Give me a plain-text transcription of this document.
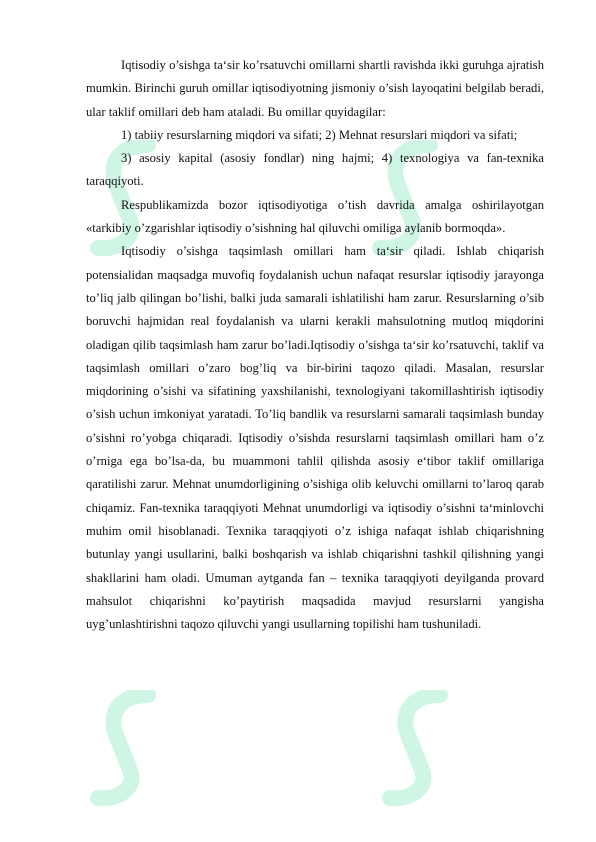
Iqtisodiy o’sishga ta‘sir ko’rsatuvchi omillarni shartli ravishda ikki guruhga ajratish mumkin. Birinchi guruh omillar iqtisodiyotning jismoniy o’sish layoqatini belgilab beradi, ular taklif omillari deb ham ataladi. Bu omillar quyidagilar:

1) tabiiy resurslarning miqdori va sifati; 2) Mehnat resurslari miqdori va sifati;

3) asosiy kapital (asosiy fondlar) ning hajmi; 4) texnologiya va fan-texnika taraqqiyoti.

Respublikamizda bozor iqtisodiyotiga o’tish davrida amalga oshirilayotgan «tarkibiy o’zgarishlar iqtisodiy o’sishning hal qiluvchi omiliga aylanib bormoqda».

Iqtisodiy o’sishga taqsimlash omillari ham ta‘sir qiladi. Ishlab chiqarish potensialidan maqsadga muvofiq foydalanish uchun nafaqat resurslar iqtisodiy jarayonga to’liq jalb qilingan bo’lishi, balki juda samarali ishlatilishi ham zarur. Resurslarning o’sib boruvchi hajmidan real foydalanish va ularni kerakli mahsulotning mutloq miqdorini oladigan qilib taqsimlash ham zarur bo’ladi.Iqtisodiy o’sishga ta‘sir ko’rsatuvchi, taklif va taqsimlash omillari o’zaro bog’liq va bir-birini taqozo qiladi. Masalan, resurslar miqdorining o’sishi va sifatining yaxshilanishi, texnologiyani takomillashtirish iqtisodiy o’sish uchun imkoniyat yaratadi. To’liq bandlik va resurslarni samarali taqsimlash bunday o’sishni ro’yobga chiqaradi. Iqtisodiy o’sishda resurslarni taqsimlash omillari ham o’z o’rniga ega bo’lsa-da, bu muammoni tahlil qilishda asosiy e‘tibor taklif omillariga qaratilishi zarur. Mehnat unumdorligining o’sishiga olib keluvchi omillarni to’laroq qarab chiqamiz. Fan-texnika taraqqiyoti Mehnat unumdorligi va iqtisodiy o’sishni ta‘minlovchi muhim omil hisoblanadi. Texnika taraqqiyoti o’z ishiga nafaqat ishlab chiqarishning butunlay yangi usullarini, balki boshqarish va ishlab chiqarishni tashkil qilishning yangi shakllarini ham oladi. Umuman aytganda fan – texnika taraqqiyoti deyilganda provard mahsulot chiqarishni ko’paytirish maqsadida mavjud resurslarni yangisha uyg’unlashtirishni taqozo qiluvchi yangi usullarning topilishi ham tushuniladi.
